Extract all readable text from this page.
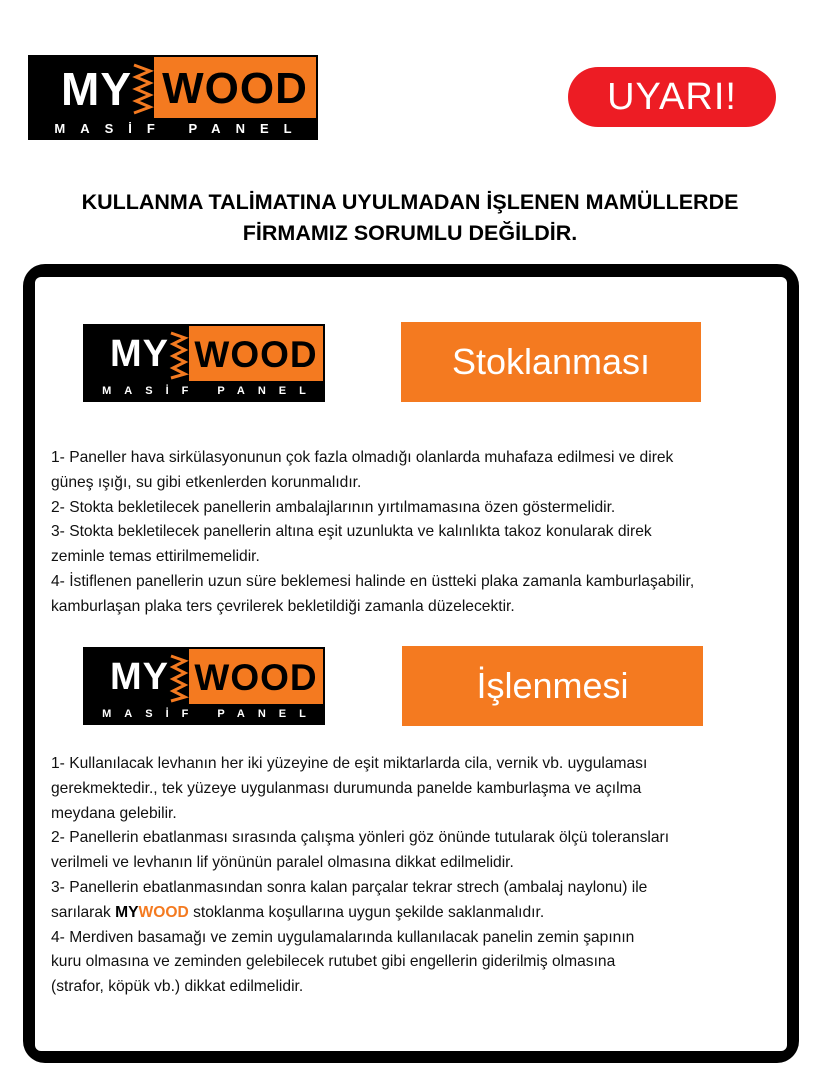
MY WOOD
MASİF PANEL
UYARI!
KULLANMA TALİMATINA UYULMADAN İŞLENEN MAMÜLLERDE
FİRMAMIZ SORUMLU DEĞİLDİR.
MY WOOD
MASİF PANEL
Stoklanması

1- Paneller hava sirkülasyonunun çok fazla olmadığı olanlarda muhafaza edilmesi ve direk

güneş ışığı, su gibi etkenlerden korunmalıdır.

2- Stokta bekletilecek panellerin ambalajlarının yırtılmamasına özen göstermelidir.

3- Stokta bekletilecek panellerin altına eşit uzunlukta ve kalınlıkta takoz konularak direk

zeminle temas ettirilmemelidir.

4- İstiflenen panellerin uzun süre beklemesi halinde en üstteki plaka zamanla kamburlaşabilir,

kamburlaşan plaka ters çevrilerek bekletildiği zamanla düzelecektir.

MY WOOD
MASİF PANEL
İşlenmesi

1- Kullanılacak levhanın her iki yüzeyine de eşit miktarlarda cila, vernik vb. uygulaması

gerekmektedir., tek yüzeye uygulanması durumunda panelde kamburlaşma ve açılma

meydana gelebilir.

2- Panellerin ebatlanması sırasında çalışma yönleri göz önünde tutularak ölçü toleransları

verilmeli ve levhanın lif yönünün paralel olmasına dikkat edilmelidir.

3- Panellerin ebatlanmasından sonra kalan parçalar tekrar strech (ambalaj naylonu) ile

sarılarak MYWOOD stoklanma koşullarına uygun şekilde saklanmalıdır.

4- Merdiven basamağı ve zemin uygulamalarında kullanılacak panelin zemin şapının

kuru olmasına ve zeminden gelebilecek rutubet gibi engellerin giderilmiş olmasına

(strafor, köpük vb.) dikkat edilmelidir.
